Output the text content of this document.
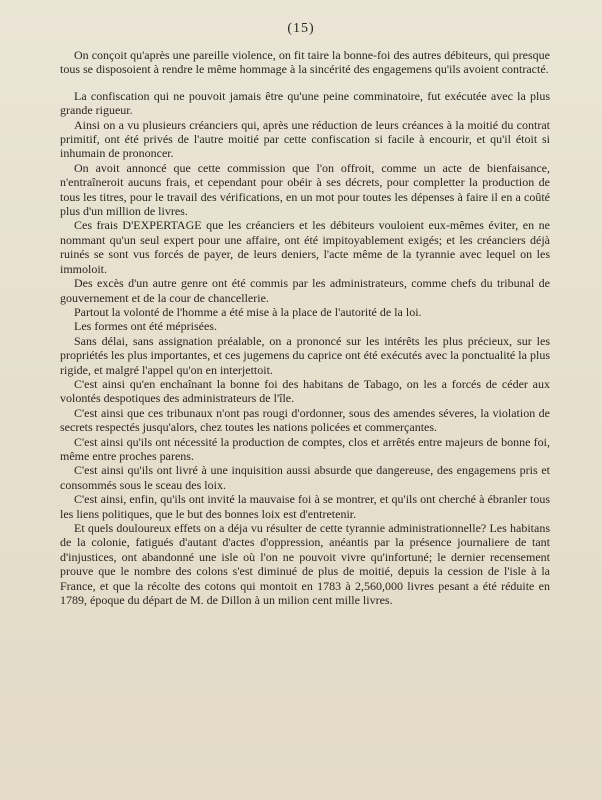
(15)

On conçoit qu'après une pareille violence, on fit taire la bonne-foi des autres débiteurs, qui presque tous se disposoient à rendre le même hommage à la sincérité des engagemens qu'ils avoient contracté.

La confiscation qui ne pouvoit jamais être qu'une peine comminatoire, fut exécutée avec la plus grande rigueur.

Ainsi on a vu plusieurs créanciers qui, après une réduction de leurs créances à la moitié du contrat primitif, ont été privés de l'autre moitié par cette confiscation si facile à encourir, et qu'il étoit si inhumain de prononcer.

On avoit annoncé que cette commission que l'on offroit, comme un acte de bienfaisance, n'entraîneroit aucuns frais, et cependant pour obéir à ses décrets, pour completter la production de tous les titres, pour le travail des vérifications, en un mot pour toutes les dépenses à faire il en a coûté plus d'un million de livres.

Ces frais D'EXPERTAGE que les créanciers et les débiteurs vouloient eux-mêmes éviter, en ne nommant qu'un seul expert pour une affaire, ont été impitoyablement exigés; et les créanciers déjà ruinés se sont vus forcés de payer, de leurs deniers, l'acte même de la tyrannie avec lequel on les immoloit.

Des excès d'un autre genre ont été commis par les administrateurs, comme chefs du tribunal de gouvernement et de la cour de chancellerie.

Partout la volonté de l'homme a été mise à la place de l'autorité de la loi.

Les formes ont été méprisées.

Sans délai, sans assignation préalable, on a prononcé sur les intérêts les plus précieux, sur les propriétés les plus importantes, et ces jugemens du caprice ont été exécutés avec la ponctualité la plus rigide, et malgré l'appel qu'on en interjettoit.

C'est ainsi qu'en enchaînant la bonne foi des habitans de Tabago, on les a forcés de céder aux volontés despotiques des administrateurs de l'île.

C'est ainsi que ces tribunaux n'ont pas rougi d'ordonner, sous des amendes séveres, la violation de secrets respectés jusqu'alors, chez toutes les nations policées et commerçantes.

C'est ainsi qu'ils ont nécessité la production de comptes, clos et arrêtés entre majeurs de bonne foi, même entre proches parens.

C'est ainsi qu'ils ont livré à une inquisition aussi absurde que dangereuse, des engagemens pris et consommés sous le sceau des loix.

C'est ainsi, enfin, qu'ils ont invité la mauvaise foi à se montrer, et qu'ils ont cherché à ébranler tous les liens politiques, que le but des bonnes loix est d'entretenir.

Et quels douloureux effets on a déja vu résulter de cette tyrannie administrationnelle? Les habitans de la colonie, fatigués d'autant d'actes d'oppression, anéantis par la présence journaliere de tant d'injustices, ont abandonné une isle où l'on ne pouvoit vivre qu'infortuné; le dernier recensement prouve que le nombre des colons s'est diminué de plus de moitié, depuis la cession de l'isle à la France, et que la récolte des cotons qui montoit en 1783 à 2,560,000 livres pesant a été réduite en 1789, époque du départ de M. de Dillon à un milion cent mille livres.
